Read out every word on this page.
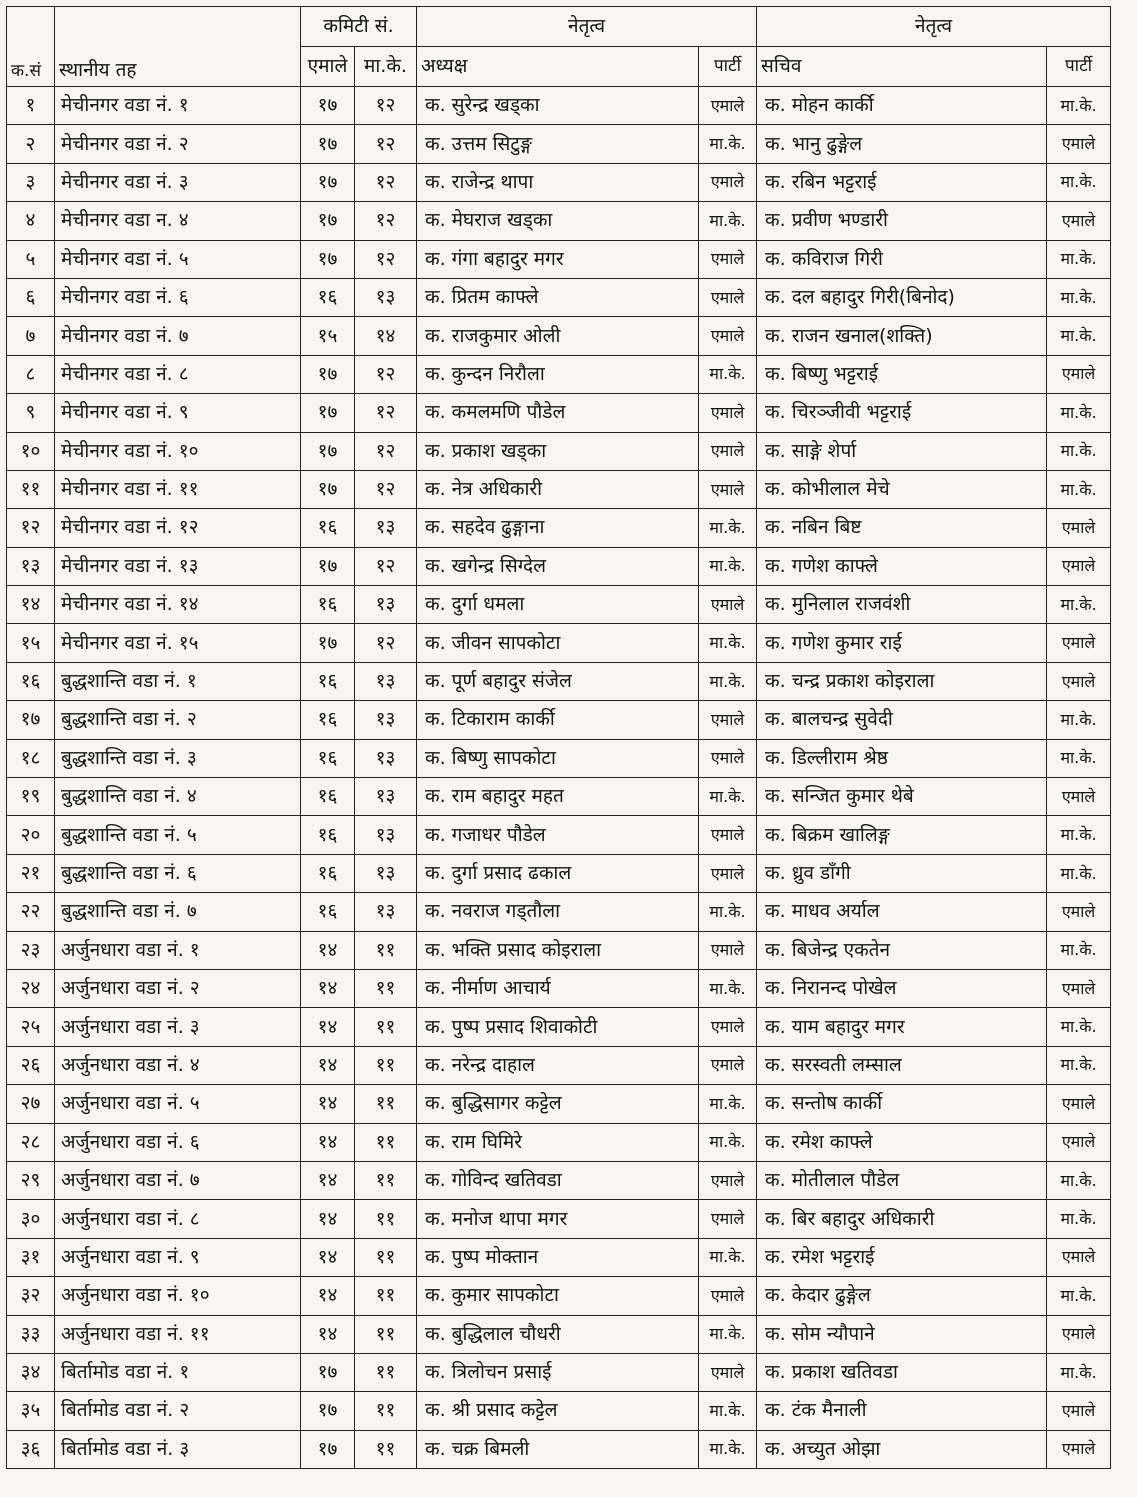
क.सं	स्थानीय तह	कमिटी सं.		नेतृत्व		नेतृत्व	
		एमाले	मा.के.	अध्यक्ष	पार्टी	सचिव	पार्टी
१	मेचीनगर वडा नं. १	१७	१२	क. सुरेन्द्र खड्का	एमाले	क. मोहन कार्की	मा.के.
२	मेचीनगर वडा नं. २	१७	१२	क. उत्तम सिटुङ्ग	मा.के.	क. भानु ढुङ्गेल	एमाले
३	मेचीनगर वडा नं. ३	१७	१२	क. राजेन्द्र थापा	एमाले	क. रबिन भट्टराई	मा.के.
४	मेचीनगर वडा न. ४	१७	१२	क. मेघराज खड्का	मा.के.	क. प्रवीण भण्डारी	एमाले
५	मेचीनगर वडा नं. ५	१७	१२	क. गंगा बहादुर मगर	एमाले	क. कविराज गिरी	मा.के.
६	मेचीनगर वडा नं. ६	१६	१३	क. प्रितम काफ्ले	एमाले	क. दल बहादुर गिरी(बिनोद)	मा.के.
७	मेचीनगर वडा नं. ७	१५	१४	क. राजकुमार ओली	एमाले	क. राजन खनाल(शक्ति)	मा.के.
८	मेचीनगर वडा नं. ८	१७	१२	क. कुन्दन निरौला	मा.के.	क. बिष्णु भट्टराई	एमाले
९	मेचीनगर वडा नं. ९	१७	१२	क. कमलमणि पौडेल	एमाले	क. चिरञ्जीवी भट्टराई	मा.के.
१०	मेचीनगर वडा नं. १०	१७	१२	क. प्रकाश खड्का	एमाले	क. साङ्गे शेर्पा	मा.के.
११	मेचीनगर वडा नं. ११	१७	१२	क. नेत्र अधिकारी	एमाले	क. कोभीलाल मेचे	मा.के.
१२	मेचीनगर वडा नं. १२	१६	१३	क. सहदेव ढुङ्गाना	मा.के.	क. नबिन बिष्ट	एमाले
१३	मेचीनगर वडा नं. १३	१७	१२	क. खगेन्द्र सिग्देल	मा.के.	क. गणेश काफ्ले	एमाले
१४	मेचीनगर वडा नं. १४	१६	१३	क. दुर्गा धमला	एमाले	क. मुनिलाल राजवंशी	मा.के.
१५	मेचीनगर वडा नं. १५	१७	१२	क. जीवन सापकोटा	मा.के.	क. गणेश कुमार राई	एमाले
१६	बुद्धशान्ति वडा नं. १	१६	१३	क. पूर्ण बहादुर संजेल	मा.के.	क. चन्द्र प्रकाश कोइराला	एमाले
१७	बुद्धशान्ति वडा नं. २	१६	१३	क. टिकाराम कार्की	एमाले	क. बालचन्द्र सुवेदी	मा.के.
१८	बुद्धशान्ति वडा नं. ३	१६	१३	क. बिष्णु सापकोटा	एमाले	क. डिल्लीराम श्रेष्ठ	मा.के.
१९	बुद्धशान्ति वडा नं. ४	१६	१३	क. राम बहादुर महत	मा.के.	क. सन्जित कुमार थेबे	एमाले
२०	बुद्धशान्ति वडा नं. ५	१६	१३	क. गजाधर पौडेल	एमाले	क. बिक्रम खालिङ्ग	मा.के.
२१	बुद्धशान्ति वडा नं. ६	१६	१३	क. दुर्गा प्रसाद ढकाल	एमाले	क. ध्रुव डाँगी	मा.के.
२२	बुद्धशान्ति वडा नं. ७	१६	१३	क. नवराज गड्तौला	मा.के.	क. माधव अर्याल	एमाले
२३	अर्जुनधारा वडा नं. १	१४	११	क. भक्ति प्रसाद कोइराला	एमाले	क. बिजेन्द्र एकतेन	मा.के.
२४	अर्जुनधारा वडा नं. २	१४	११	क. नीर्माण आचार्य	मा.के.	क. निरानन्द पोखेल	एमाले
२५	अर्जुनधारा वडा नं. ३	१४	११	क. पुष्प प्रसाद शिवाकोटी	एमाले	क. याम बहादुर मगर	मा.के.
२६	अर्जुनधारा वडा नं. ४	१४	११	क. नरेन्द्र दाहाल	एमाले	क. सरस्वती लम्साल	मा.के.
२७	अर्जुनधारा वडा नं. ५	१४	११	क. बुद्धिसागर कट्टेल	मा.के.	क. सन्तोष कार्की	एमाले
२८	अर्जुनधारा वडा नं. ६	१४	११	क. राम घिमिरे	मा.के.	क. रमेश काफ्ले	एमाले
२९	अर्जुनधारा वडा नं. ७	१४	११	क. गोविन्द खतिवडा	एमाले	क. मोतीलाल पौडेल	मा.के.
३०	अर्जुनधारा वडा नं. ८	१४	११	क. मनोज थापा मगर	एमाले	क. बिर बहादुर अधिकारी	मा.के.
३१	अर्जुनधारा वडा नं. ९	१४	११	क. पुष्प मोक्तान	मा.के.	क. रमेश भट्टराई	एमाले
३२	अर्जुनधारा वडा नं. १०	१४	११	क. कुमार सापकोटा	एमाले	क. केदार ढुङ्गेल	मा.के.
३३	अर्जुनधारा वडा नं. ११	१४	११	क. बुद्धिलाल चौधरी	मा.के.	क. सोम न्यौपाने	एमाले
३४	बिर्तामोड वडा नं. १	१७	११	क. त्रिलोचन प्रसाई	एमाले	क. प्रकाश खतिवडा	मा.के.
३५	बिर्तामोड वडा नं. २	१७	११	क. श्री प्रसाद कट्टेल	मा.के.	क. टंक मैनाली	एमाले
३६	बिर्तामोड वडा नं. ३	१७	११	क. चक्र बिमली	मा.के.	क. अच्युत ओझा	एमाले
